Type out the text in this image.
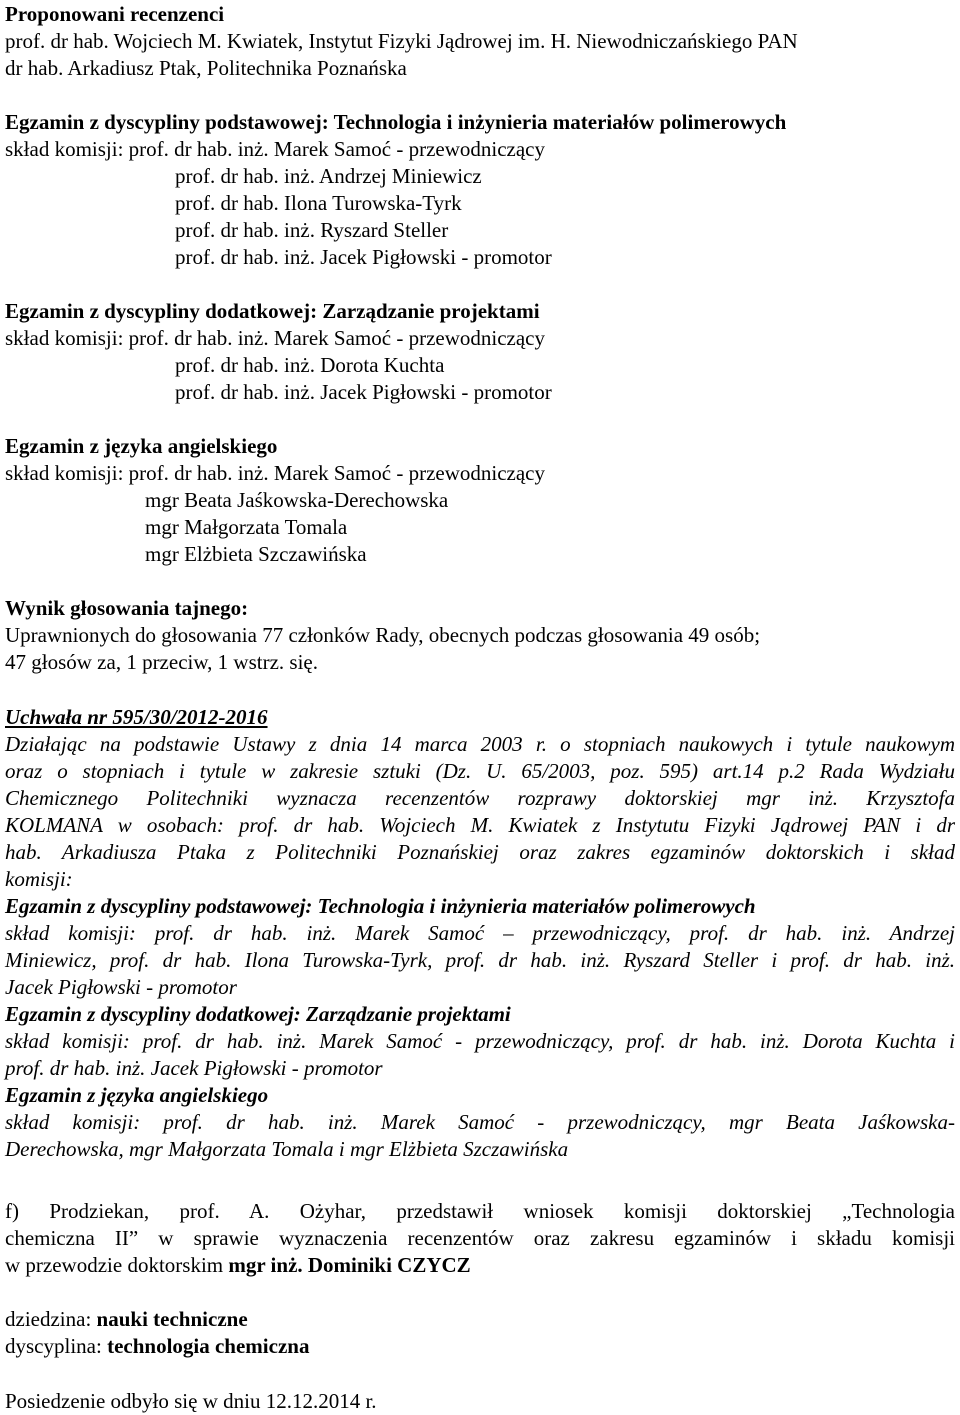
Proponowani recenzenci
prof. dr hab. Wojciech M. Kwiatek, Instytut Fizyki Jądrowej im. H. Niewodniczańskiego PAN
dr hab. Arkadiusz Ptak, Politechnika Poznańska
Egzamin z dyscypliny podstawowej: Technologia i inżynieria materiałów polimerowych
skład komisji: prof. dr hab. inż. Marek Samoć - przewodniczący
prof. dr hab. inż. Andrzej Miniewicz
prof. dr hab. Ilona Turowska-Tyrk
prof. dr hab. inż. Ryszard Steller
prof. dr hab. inż. Jacek Pigłowski - promotor
Egzamin z dyscypliny dodatkowej: Zarządzanie projektami
skład komisji: prof. dr hab. inż. Marek Samoć - przewodniczący
prof. dr hab. inż. Dorota Kuchta
prof. dr hab. inż. Jacek Pigłowski - promotor
Egzamin z języka angielskiego
skład komisji: prof. dr hab. inż. Marek Samoć - przewodniczący
mgr Beata Jaśkowska-Derechowska
mgr Małgorzata Tomala
mgr Elżbieta Szczawińska
Wynik głosowania tajnego:
Uprawnionych do głosowania 77 członków Rady, obecnych podczas głosowania 49 osób;
47 głosów za, 1 przeciw, 1 wstrz. się.
Uchwała nr 595/30/2012-2016
Działając na podstawie Ustawy z dnia 14 marca 2003 r. o stopniach naukowych i tytule naukowym
oraz o stopniach i tytule w zakresie sztuki (Dz. U. 65/2003, poz. 595) art.14 p.2 Rada Wydziału
Chemicznego Politechniki wyznacza recenzentów rozprawy doktorskiej mgr inż. Krzysztofa
KOLMANA w osobach: prof. dr hab. Wojciech M. Kwiatek z Instytutu Fizyki Jądrowej PAN i dr
hab. Arkadiusza Ptaka z Politechniki Poznańskiej oraz zakres egzaminów doktorskich i skład
komisji:
Egzamin z dyscypliny podstawowej: Technologia i inżynieria materiałów polimerowych
skład komisji: prof. dr hab. inż. Marek Samoć – przewodniczący, prof. dr hab. inż. Andrzej
Miniewicz, prof. dr hab. Ilona Turowska-Tyrk, prof. dr hab. inż. Ryszard Steller i prof. dr hab. inż.
Jacek Pigłowski - promotor
Egzamin z dyscypliny dodatkowej: Zarządzanie projektami
skład komisji: prof. dr hab. inż. Marek Samoć - przewodniczący, prof. dr hab. inż. Dorota Kuchta i
prof. dr hab. inż. Jacek Pigłowski - promotor
Egzamin z języka angielskiego
skład komisji: prof. dr hab. inż. Marek Samoć - przewodniczący, mgr Beata Jaśkowska-
Derechowska, mgr Małgorzata Tomala i mgr Elżbieta Szczawińska
f) Prodziekan, prof. A. Ożyhar, przedstawił wniosek komisji doktorskiej „Technologia
chemiczna II” w sprawie wyznaczenia recenzentów oraz zakresu egzaminów i składu komisji
w przewodzie doktorskim mgr inż. Dominiki CZYCZ
dziedzina: nauki techniczne
dyscyplina: technologia chemiczna
Posiedzenie odbyło się w dniu 12.12.2014 r.
